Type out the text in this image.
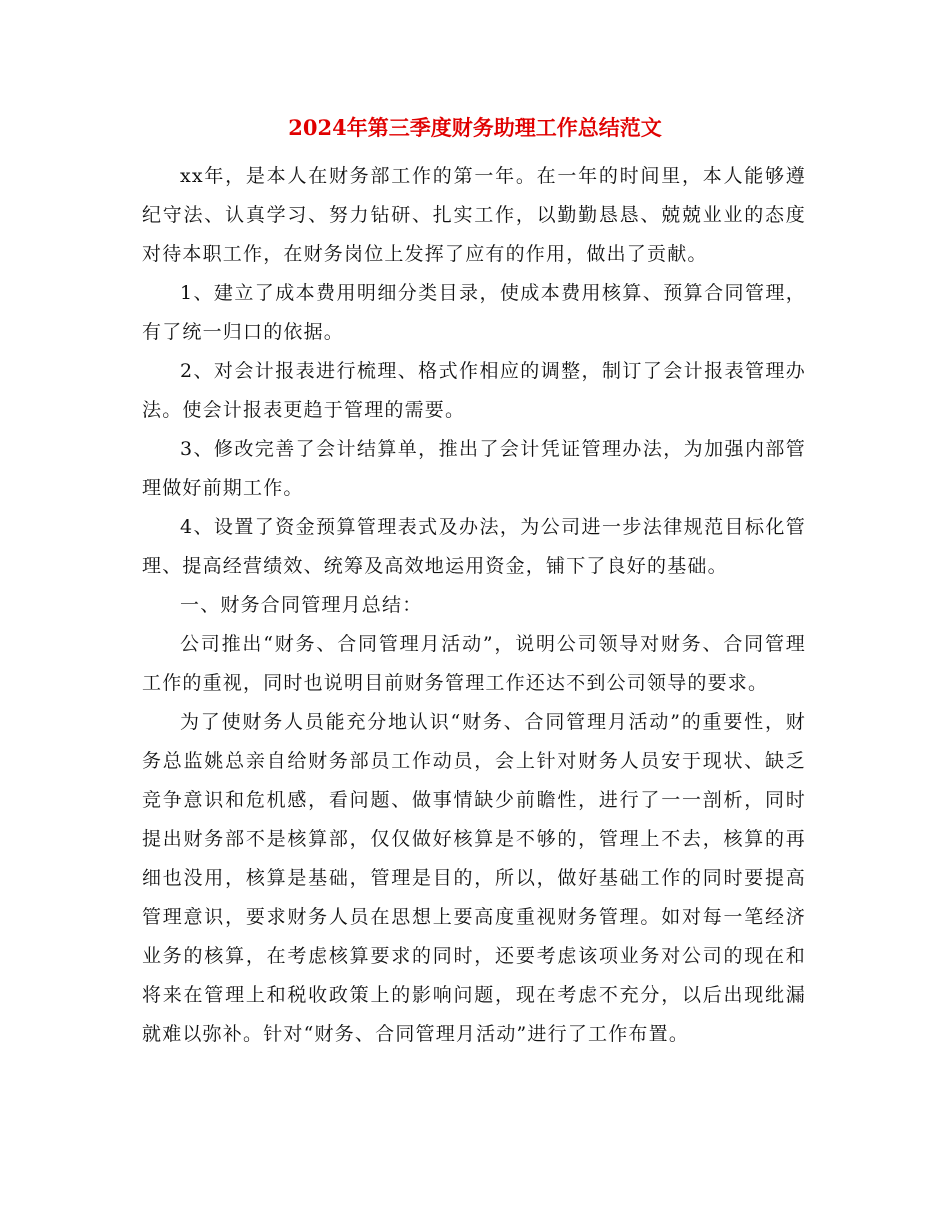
2024年第三季度财务助理工作总结范文

xx年，是本人在财务部工作的第一年。在一年的时间里，本人能够遵纪守法、认真学习、努力钻研、扎实工作，以勤勤恳恳、兢兢业业的态度对待本职工作，在财务岗位上发挥了应有的作用，做出了贡献。

1、建立了成本费用明细分类目录，使成本费用核算、预算合同管理，有了统一归口的依据。

2、对会计报表进行梳理、格式作相应的调整，制订了会计报表管理办法。使会计报表更趋于管理的需要。

3、修改完善了会计结算单，推出了会计凭证管理办法，为加强内部管理做好前期工作。

4、设置了资金预算管理表式及办法，为公司进一步法律规范目标化管理、提高经营绩效、统筹及高效地运用资金，铺下了良好的基础。

一、财务合同管理月总结：

公司推出“财务、合同管理月活动”，说明公司领导对财务、合同管理工作的重视，同时也说明目前财务管理工作还达不到公司领导的要求。

为了使财务人员能充分地认识“财务、合同管理月活动”的重要性，财务总监姚总亲自给财务部员工作动员，会上针对财务人员安于现状、缺乏竞争意识和危机感，看问题、做事情缺少前瞻性，进行了一一剖析，同时提出财务部不是核算部，仅仅做好核算是不够的，管理上不去，核算的再细也没用，核算是基础，管理是目的，所以，做好基础工作的同时要提高管理意识，要求财务人员在思想上要高度重视财务管理。如对每一笔经济业务的核算，在考虑核算要求的同时，还要考虑该项业务对公司的现在和将来在管理上和税收政策上的影响问题，现在考虑不充分，以后出现纰漏就难以弥补。针对“财务、合同管理月活动”进行了工作布置。
